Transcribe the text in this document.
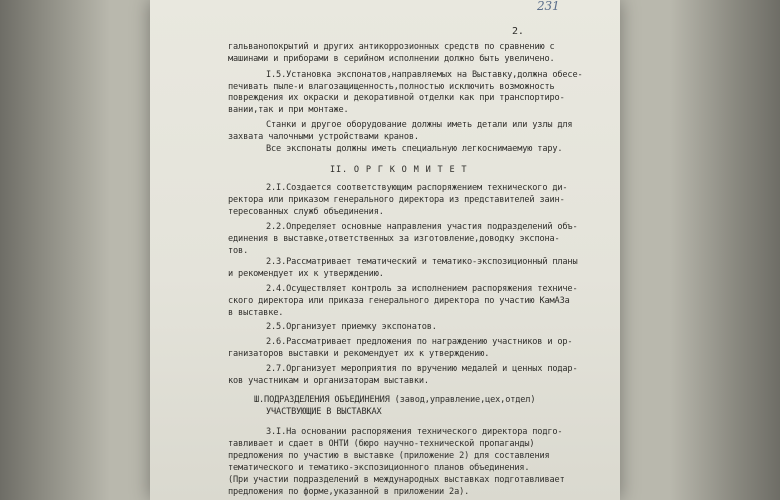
231
2.
гальванопокрытий и других антикоррозионных средств по сравнению с
машинами и приборами в серийном исполнении должно быть увеличено.
I.5.Установка экспонатов,направляемых на Выставку,должна обесе-
печивать пыле-и влагозащищенность,полностью исключить возможность
повреждения их окраски и декоративной отделки как при транспортиро-
вании,так и при монтаже.
Станки и другое оборудование должны иметь детали или узлы для
захвата чалочными устройствами кранов.
Все экспонаты должны иметь специальную легкоснимаемую тару.
II. О Р Г К О М И Т Е Т
2.I.Создается соответствующим распоряжением технического ди-
ректора или приказом генерального директора из представителей заин-
тересованных служб объединения.
2.2.Определяет основные направления участия подразделений объ-
единения в выставке,ответственных за изготовление,доводку экспона-
тов.
2.3.Рассматривает тематический и тематико-экспозиционный планы
и рекомендует их к утверждению.
2.4.Осуществляет контроль за исполнением распоряжения техниче-
ского директора или приказа генерального директора по участию КамАЗа
в выставке.
2.5.Организует приемку экспонатов.
2.6.Рассматривает предложения по награждению участников и ор-
ганизаторов выставки и рекомендует их к утверждению.
2.7.Организует мероприятия по вручению медалей и ценных подар-
ков участникам и организаторам выставки.
Ш.ПОДРАЗДЕЛЕНИЯ ОБЪЕДИНЕНИЯ (завод,управление,цех,отдел)
УЧАСТВУЮЩИЕ В ВЫСТАВКАХ
3.I.На основании распоряжения технического директора подго-
тавливает и сдает в ОНТИ (бюро научно-технической пропаганды)
предложения по участию в выставке (приложение 2) для составления
тематического и тематико-экспозиционного планов объединения.
(При участии подразделений в международных выставках подготавливает
предложения по форме,указанной в приложении 2а).
